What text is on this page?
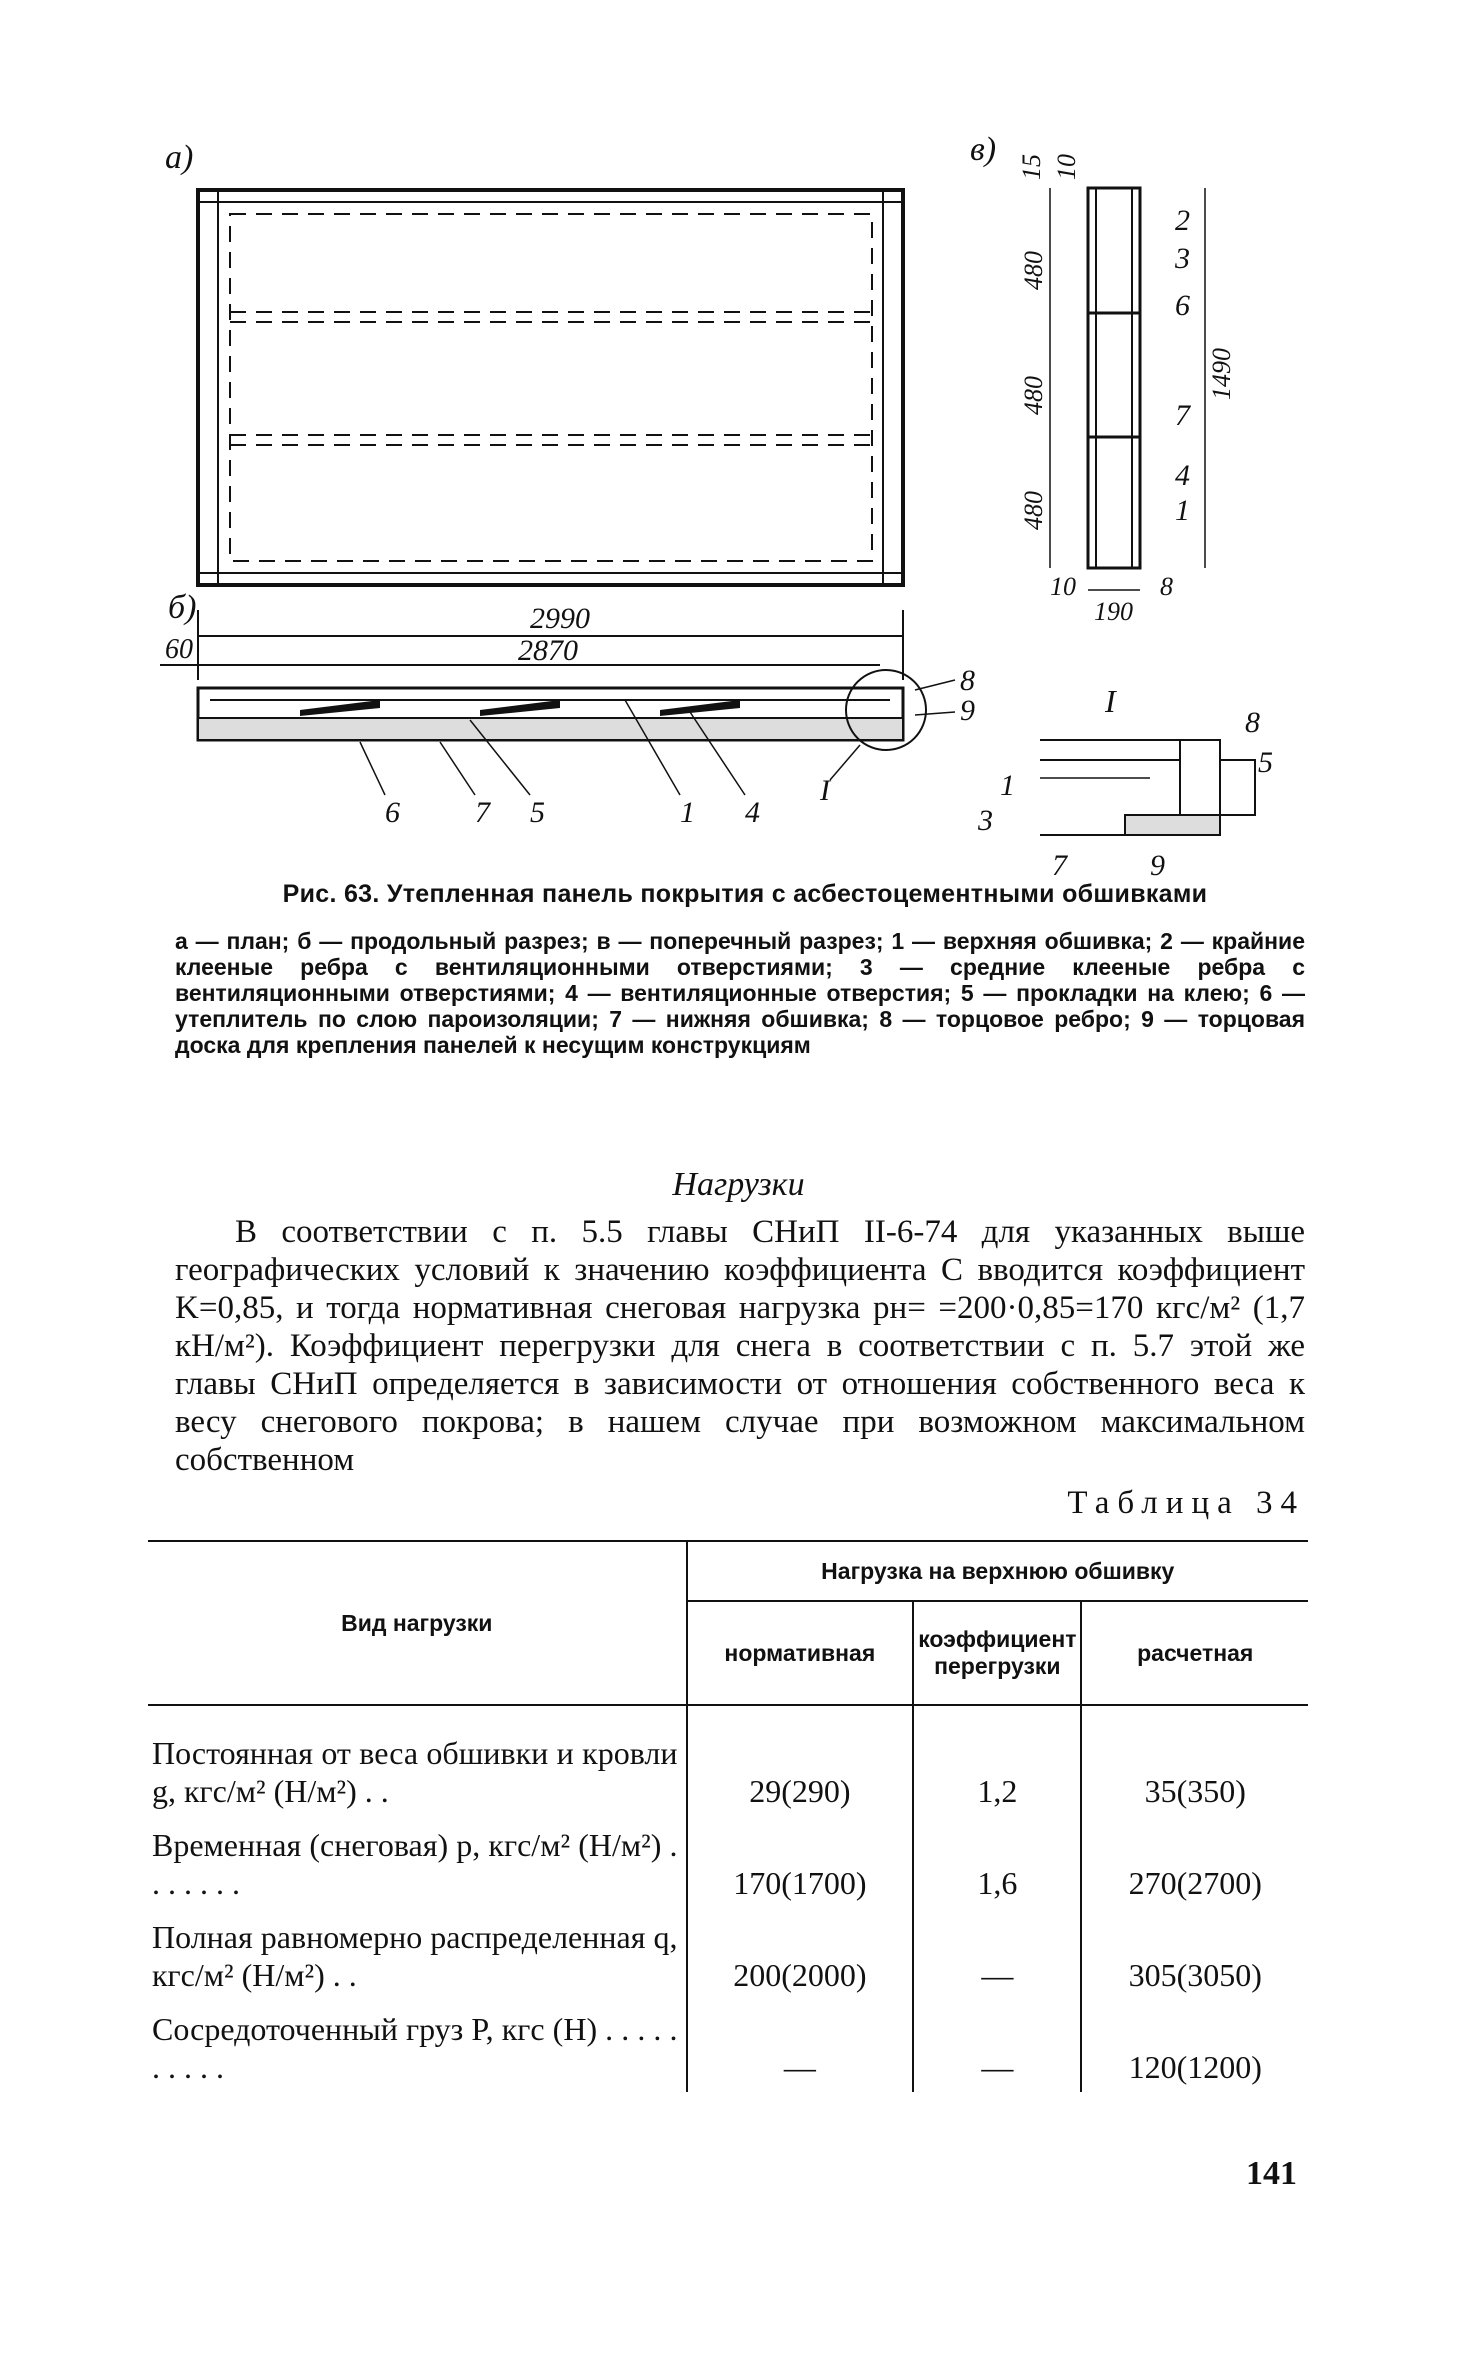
а)
б)	2990
2870
60
6	7 5	1 4
I
8
9
в) 15 10
480
480
480
1490
10
190
8
2
3
6
7
4
1
I
8
5
1
3
7	9
Рис. 63. Утепленная панель покрытия с асбестоцементными обшивками
а — план; б — продольный разрез; в — поперечный разрез; 1 — верхняя обшивка; 2 — крайние клееные ребра с вентиляционными отверстиями; 3 — средние клееные ребра с вентиляционными отверстиями; 4 — вентиляционные отверстия; 5 — прокладки на клею; 6 — утеплитель по слою пароизоляции; 7 — нижняя обшивка; 8 — торцовое ребро; 9 — торцовая доска для крепления панелей к несущим конструкциям
Нагрузки
В соответствии с п. 5.5 главы СНиП II-6-74 для указанных выше географических условий к значению коэффициента C вводится коэффициент K=0,85, и тогда нормативная снеговая нагрузка pн= =200·0,85=170 кгс/м² (1,7 кН/м²). Коэффициент перегрузки для снега в соответствии с п. 5.7 этой же главы СНиП определяется в зависимости от отношения собственного веса к весу снегового покрова; в нашем случае при возможном максимальном собственном
Таблица 34
Вид нагрузки	Нагрузка на верхнюю обшивку		
	нормативная	коэффициент перегрузки	расчетная
Постоянная от веса обшивки и кровли g, кгс/м² (Н/м²) . .	29(290)	1,2	35(350)
Временная (снеговая) p, кгс/м² (Н/м²) . . . . . . .	170(1700)	1,6	270(2700)
Полная равномерно распределенная q, кгс/м² (Н/м²) . .	200(2000)	—	305(3050)
Сосредоточенный груз P, кгс (Н) . . . . . . . . . .	—	—	120(1200)
141
